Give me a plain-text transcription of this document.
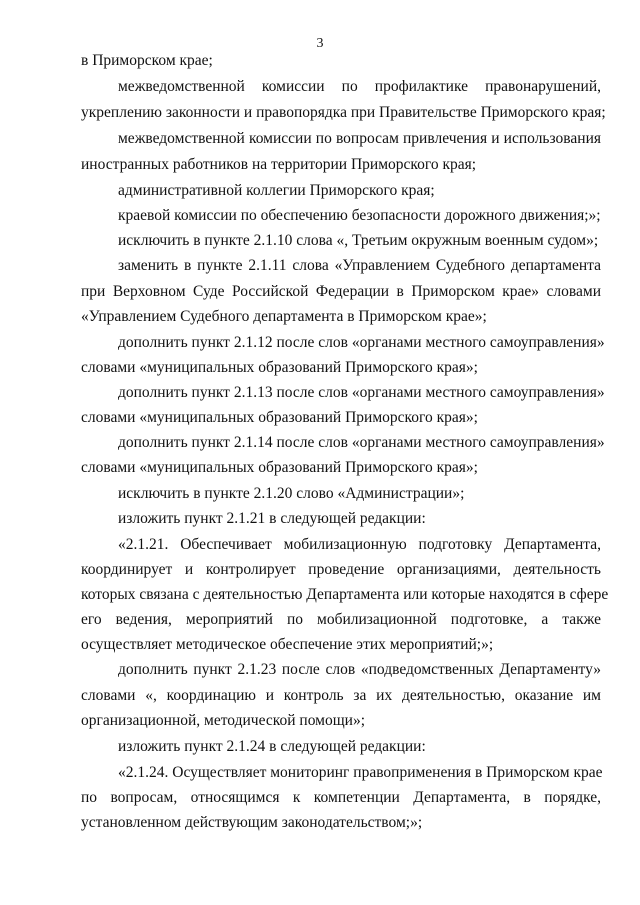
3
в Приморском крае;
межведомственной комиссии по профилактике правонарушений,
укреплению законности и правопорядка при Правительстве Приморского края;
межведомственной комиссии по вопросам привлечения и использования
иностранных работников на территории Приморского края;
административной коллегии Приморского края;
краевой комиссии по обеспечению безопасности дорожного движения;»;
исключить в пункте 2.1.10 слова «, Третьим окружным военным судом»;
заменить в пункте 2.1.11 слова «Управлением Судебного департамента
при Верховном Суде Российской Федерации в Приморском крае» словами
«Управлением Судебного департамента в Приморском крае»;
дополнить пункт 2.1.12 после слов «органами местного самоуправления»
словами «муниципальных образований Приморского края»;
дополнить пункт 2.1.13 после слов «органами местного самоуправления»
словами «муниципальных образований Приморского края»;
дополнить пункт 2.1.14 после слов «органами местного самоуправления»
словами «муниципальных образований Приморского края»;
исключить в пункте 2.1.20 слово «Администрации»;
изложить пункт 2.1.21 в следующей редакции:
«2.1.21. Обеспечивает мобилизационную подготовку Департамента,
координирует и контролирует проведение организациями, деятельность
которых связана с деятельностью Департамента или которые находятся в сфере
его ведения, мероприятий по мобилизационной подготовке, а также
осуществляет методическое обеспечение этих мероприятий;»;
дополнить пункт 2.1.23 после слов «подведомственных Департаменту»
словами «, координацию и контроль за их деятельностью, оказание им
организационной, методической помощи»;
изложить пункт 2.1.24 в следующей редакции:
«2.1.24. Осуществляет мониторинг правоприменения в Приморском крае
по вопросам, относящимся к компетенции Департамента, в порядке,
установленном действующим законодательством;»;
